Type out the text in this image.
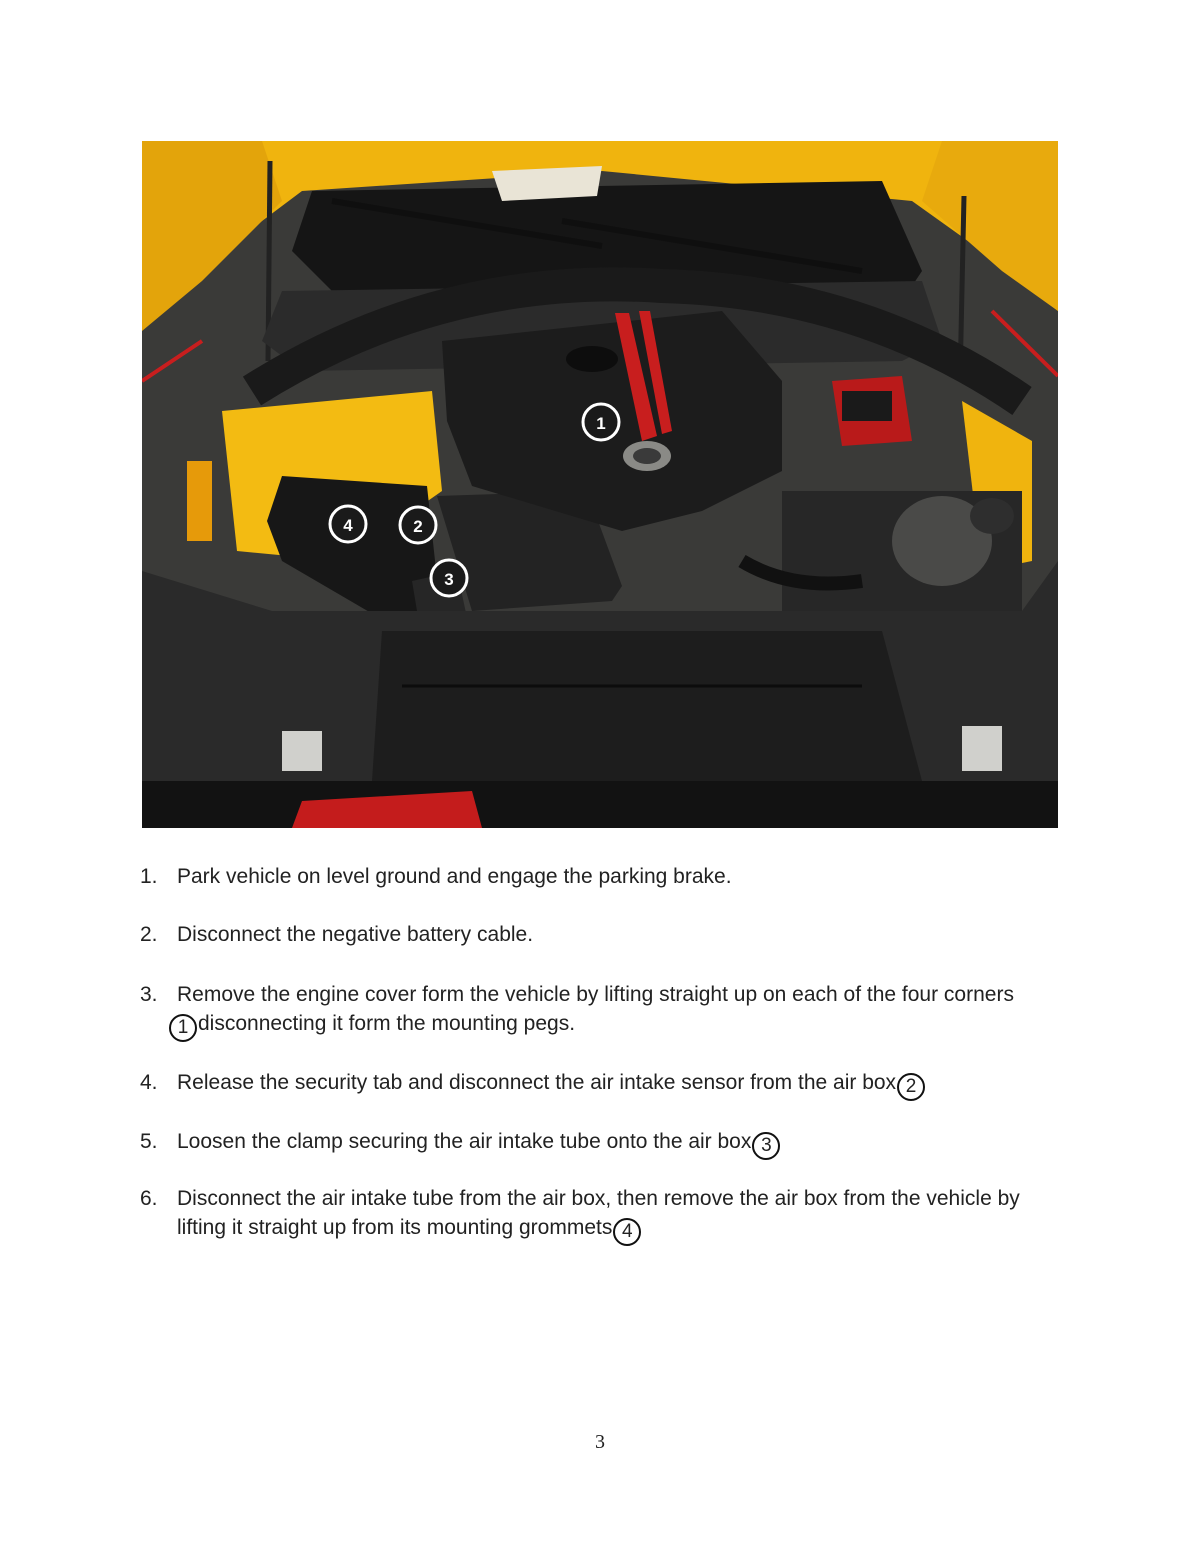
1
2
3
4
1. Park vehicle on level ground and engage the parking brake.
2. Disconnect the negative battery cable.
3. Remove the engine cover form the vehicle by lifting straight up on each of the four corners
1 disconnecting it form the mounting pegs.
4. Release the security tab and disconnect the air intake sensor from the air box 2
5. Loosen the clamp securing the air intake tube onto the air box 3
6. Disconnect the air intake tube from the air box, then remove the air box from the vehicle by
lifting it straight up from its mounting grommets 4
3
